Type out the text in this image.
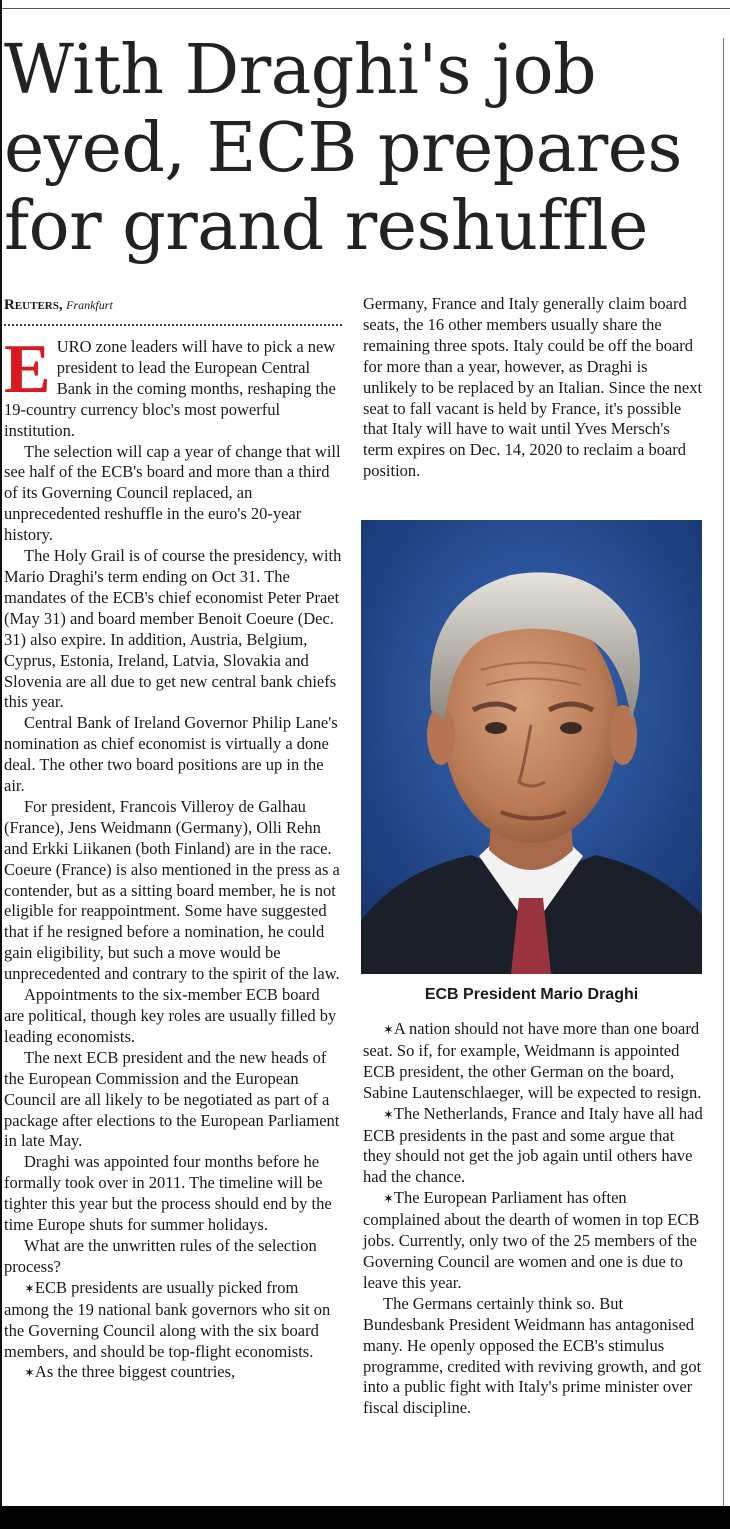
With Draghi's job eyed, ECB prepares for grand reshuffle
Reuters, Frankfurt

EURO zone leaders will have to pick a new president to lead the European Central Bank in the coming months, reshaping the 19-country currency bloc's most powerful institution.

The selection will cap a year of change that will see half of the ECB's board and more than a third of its Governing Council replaced, an unprecedented reshuffle in the euro's 20-year history.

The Holy Grail is of course the presidency, with Mario Draghi's term ending on Oct 31. The mandates of the ECB's chief economist Peter Praet (May 31) and board member Benoit Coeure (Dec. 31) also expire. In addition, Austria, Belgium, Cyprus, Estonia, Ireland, Latvia, Slovakia and Slovenia are all due to get new central bank chiefs this year.

Central Bank of Ireland Governor Philip Lane's nomination as chief economist is virtually a done deal. The other two board positions are up in the air.

For president, Francois Villeroy de Galhau (France), Jens Weidmann (Germany), Olli Rehn and Erkki Liikanen (both Finland) are in the race. Coeure (France) is also mentioned in the press as a contender, but as a sitting board member, he is not eligible for reappointment. Some have suggested that if he resigned before a nomination, he could gain eligibility, but such a move would be unprecedented and contrary to the spirit of the law.

Appointments to the six-member ECB board are political, though key roles are usually filled by leading economists.

The next ECB president and the new heads of the European Commission and the European Council are all likely to be negotiated as part of a package after elections to the European Parliament in late May.

Draghi was appointed four months before he formally took over in 2011. The timeline will be tighter this year but the process should end by the time Europe shuts for summer holidays.

What are the unwritten rules of the selection process?

✶ECB presidents are usually picked from among the 19 national bank governors who sit on the Governing Council along with the six board members, and should be top-flight economists.

✶As the three biggest countries,

Germany, France and Italy generally claim board seats, the 16 other members usually share the remaining three spots. Italy could be off the board for more than a year, however, as Draghi is unlikely to be replaced by an Italian. Since the next seat to fall vacant is held by France, it's possible that Italy will have to wait until Yves Mersch's term expires on Dec. 14, 2020 to reclaim a board position.

ECB President Mario Draghi

✶A nation should not have more than one board seat. So if, for example, Weidmann is appointed ECB president, the other German on the board, Sabine Lautenschlaeger, will be expected to resign.

✶The Netherlands, France and Italy have all had ECB presidents in the past and some argue that they should not get the job again until others have had the chance.

✶The European Parliament has often complained about the dearth of women in top ECB jobs. Currently, only two of the 25 members of the Governing Council are women and one is due to leave this year.

The Germans certainly think so. But Bundesbank President Weidmann has antagonised many. He openly opposed the ECB's stimulus programme, credited with reviving growth, and got into a public fight with Italy's prime minister over fiscal discipline.
